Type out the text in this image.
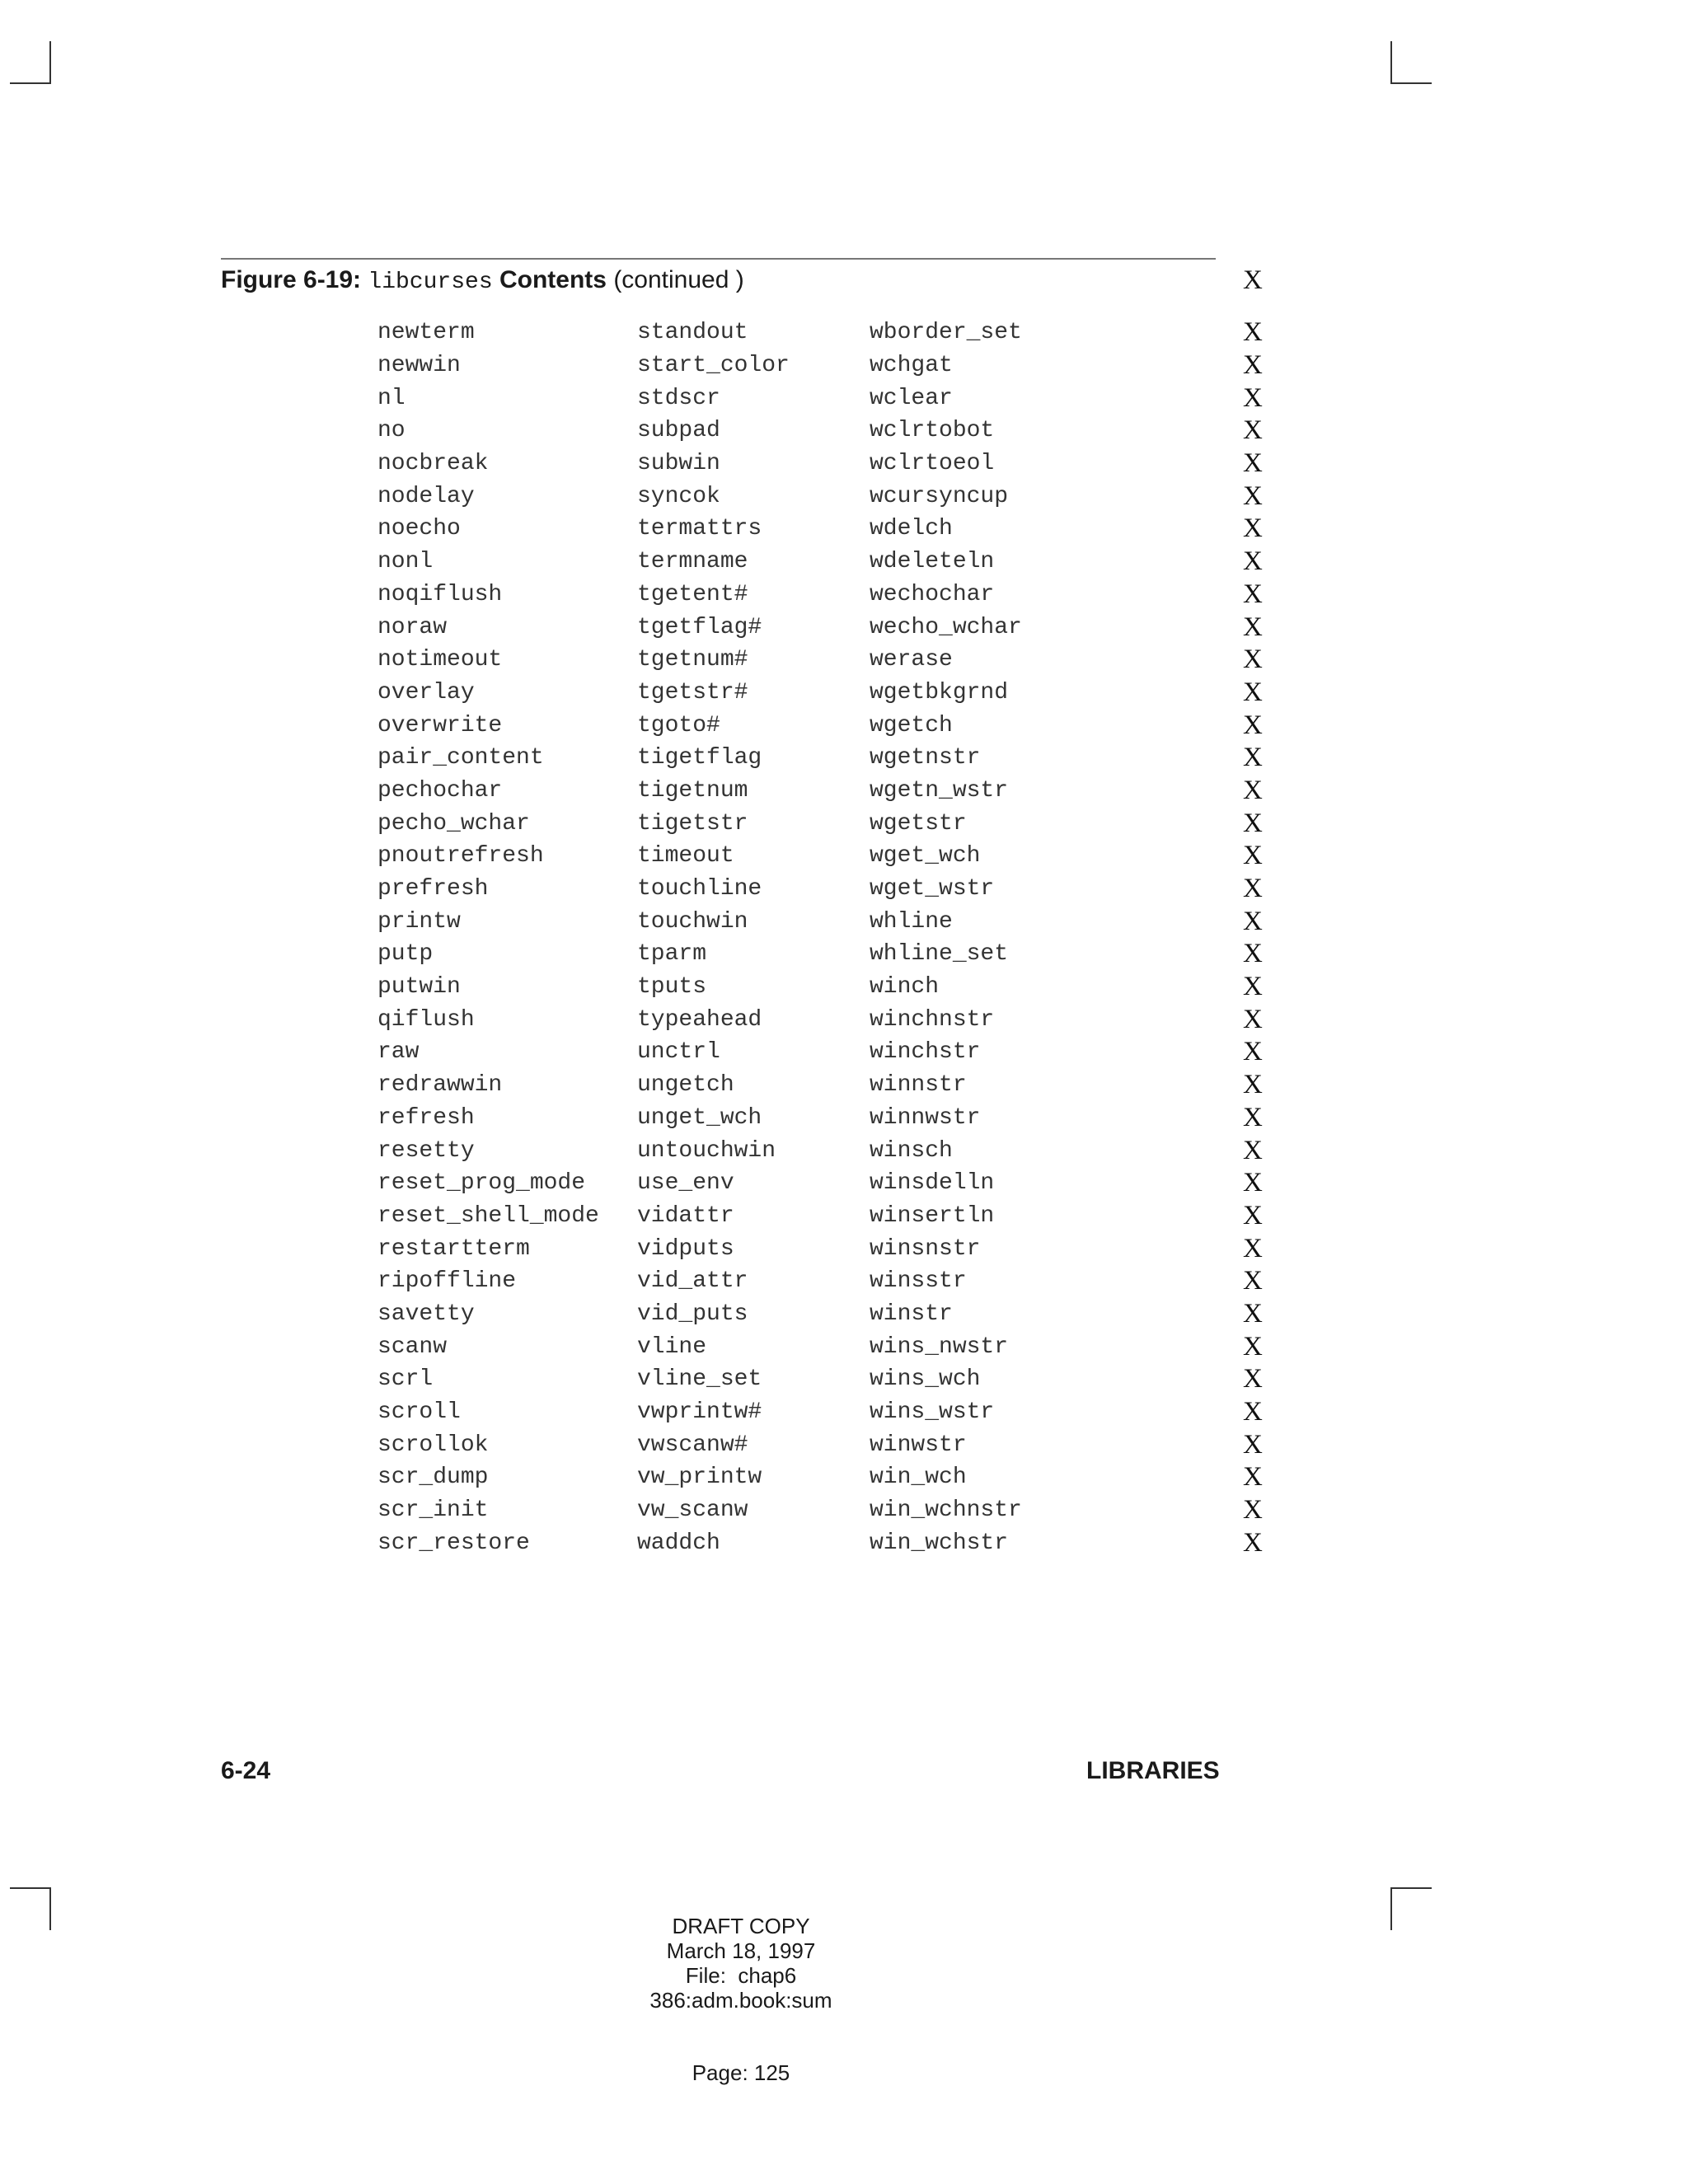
Figure 6-19: libcurses Contents (continued )	X
newterm	standout	wborder_set	X
newwin	start_color	wchgat	X
nl	stdscr	wclear	X
no	subpad	wclrtobot	X
nocbreak	subwin	wclrtoeol	X
nodelay	syncok	wcursyncup	X
noecho	termattrs	wdelch	X
nonl	termname	wdeleteln	X
noqiflush	tgetent#	wechochar	X
noraw	tgetflag#	wecho_wchar	X
notimeout	tgetnum#	werase	X
overlay	tgetstr#	wgetbkgrnd	X
overwrite	tgoto#	wgetch	X
pair_content	tigetflag	wgetnstr	X
pechochar	tigetnum	wgetn_wstr	X
pecho_wchar	tigetstr	wgetstr	X
pnoutrefresh	timeout	wget_wch	X
prefresh	touchline	wget_wstr	X
printw	touchwin	whline	X
putp	tparm	whline_set	X
putwin	tputs	winch	X
qiflush	typeahead	winchnstr	X
raw	unctrl	winchstr	X
redrawwin	ungetch	winnstr	X
refresh	unget_wch	winnwstr	X
resetty	untouchwin	winsch	X
reset_prog_mode	use_env	winsdelln	X
reset_shell_mode	vidattr	winsertln	X
restartterm	vidputs	winsnstr	X
ripoffline	vid_attr	winsstr	X
savetty	vid_puts	winstr	X
scanw	vline	wins_nwstr	X
scrl	vline_set	wins_wch	X
scroll	vwprintw#	wins_wstr	X
scrollok	vwscanw#	winwstr	X
scr_dump	vw_printw	win_wch	X
scr_init	vw_scanw	win_wchnstr	X
scr_restore	waddch	win_wchstr	X
6-24	LIBRARIES
DRAFT COPY
March 18, 1997
File:  chap6
386:adm.book:sum
Page: 125
